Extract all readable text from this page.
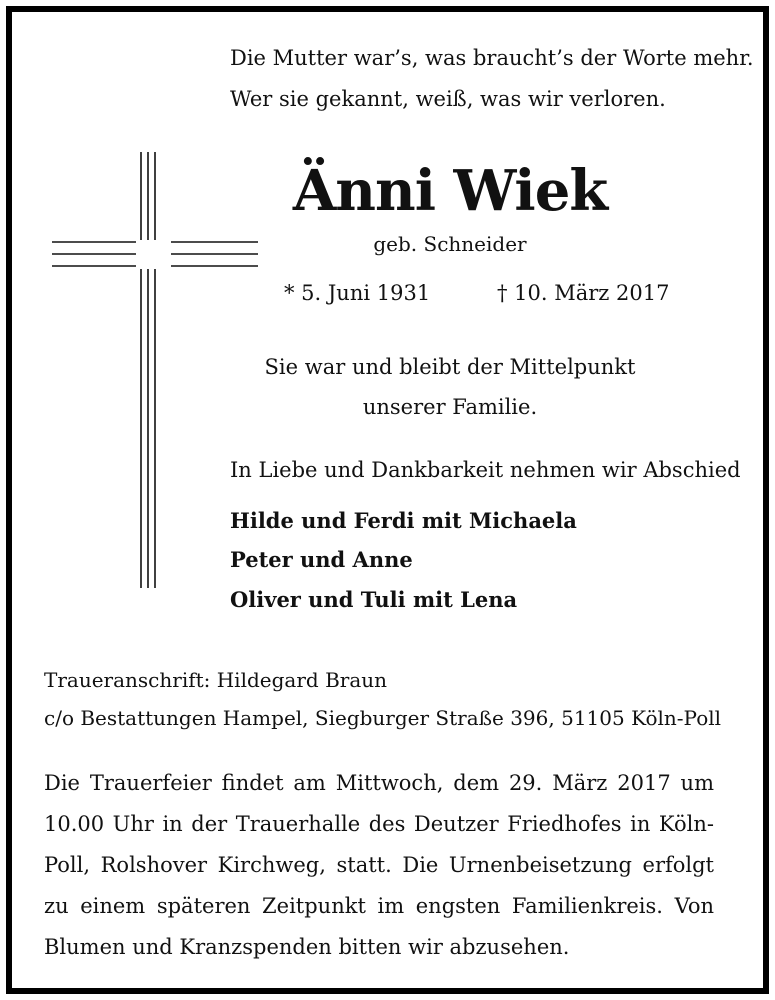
Die Mutter war’s, was braucht’s der Worte mehr.
Wer sie gekannt, weiß, was wir verloren.
Änni Wiek
geb. Schneider
* 5. Juni 1931	† 10. März 2017
Sie war und bleibt der Mittelpunkt
unserer Familie.
In Liebe und Dankbarkeit nehmen wir Abschied
Hilde und Ferdi mit Michaela
Peter und Anne
Oliver und Tuli mit Lena
Traueranschrift: Hildegard Braun
c/o Bestattungen Hampel, Siegburger Straße 396, 51105 Köln-Poll
Die Trauerfeier findet am Mittwoch, dem 29. März 2017 um 10.00 Uhr in der Trauerhalle des Deutzer Friedhofes in Köln-Poll, Rolshover Kirchweg, statt. Die Urnenbeisetzung erfolgt zu einem späteren Zeitpunkt im engsten Familienkreis. Von Blumen und Kranzspenden bitten wir abzusehen.
